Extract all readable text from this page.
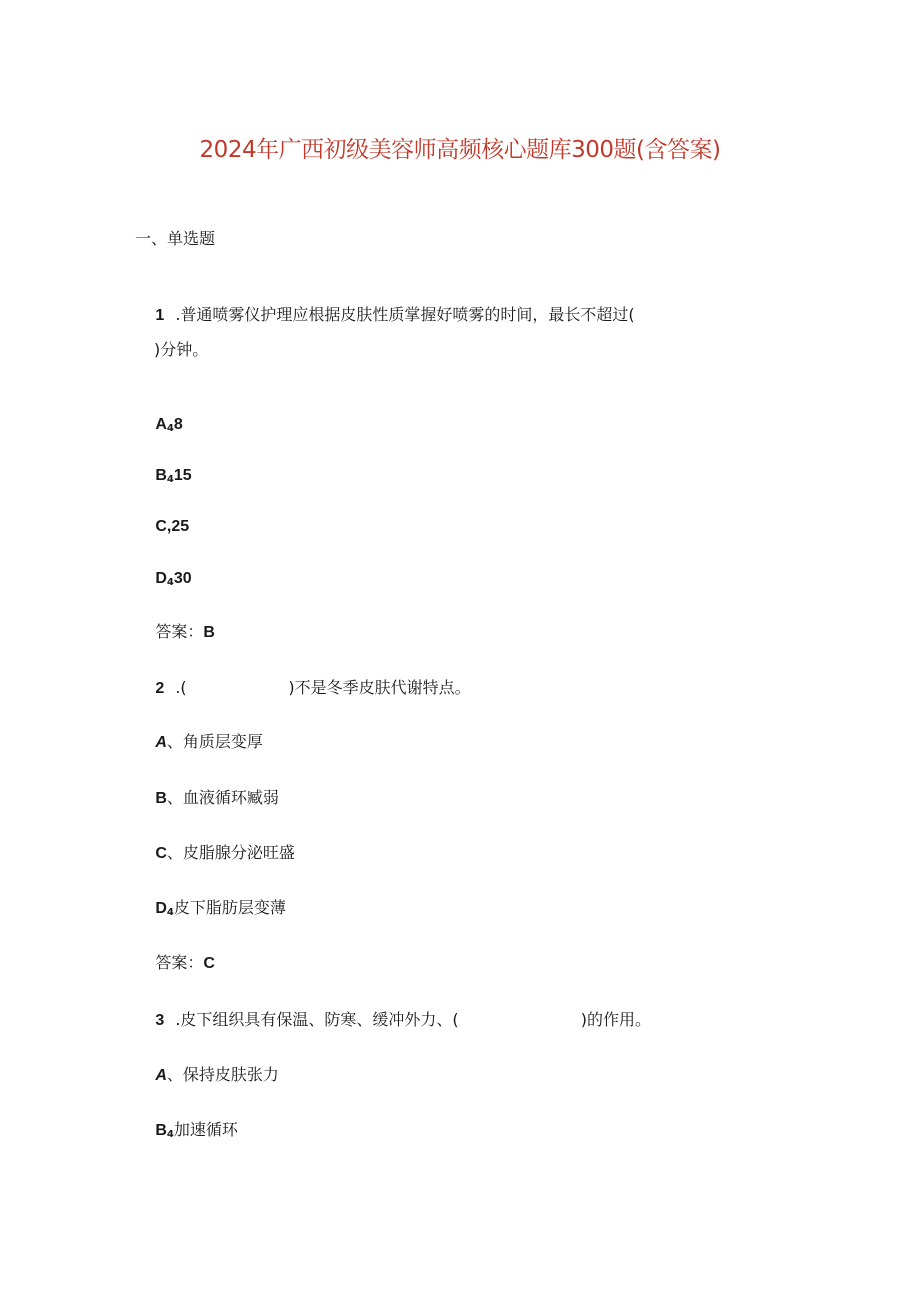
2024年广西初级美容师高频核心题库300题(含答案)
一、单选题

1 .普通喷雾仪护理应根据皮肤性质掌握好喷雾的时间，最长不超过(

)分钟。

$A_48$

$B_415$

C,25

$D_430$

答案：B

2 .(                    )不是冬季皮肤代谢特点。

A、角质层变厚

B、血液循环臧弱

C、皮脂腺分泌旺盛

$D_4$皮下脂肪层变薄

答案：C

3 .皮下组织具有保温、防寒、缓冲外力、(                        )的作用。

A、保持皮肤张力

$B_4$加速循环
